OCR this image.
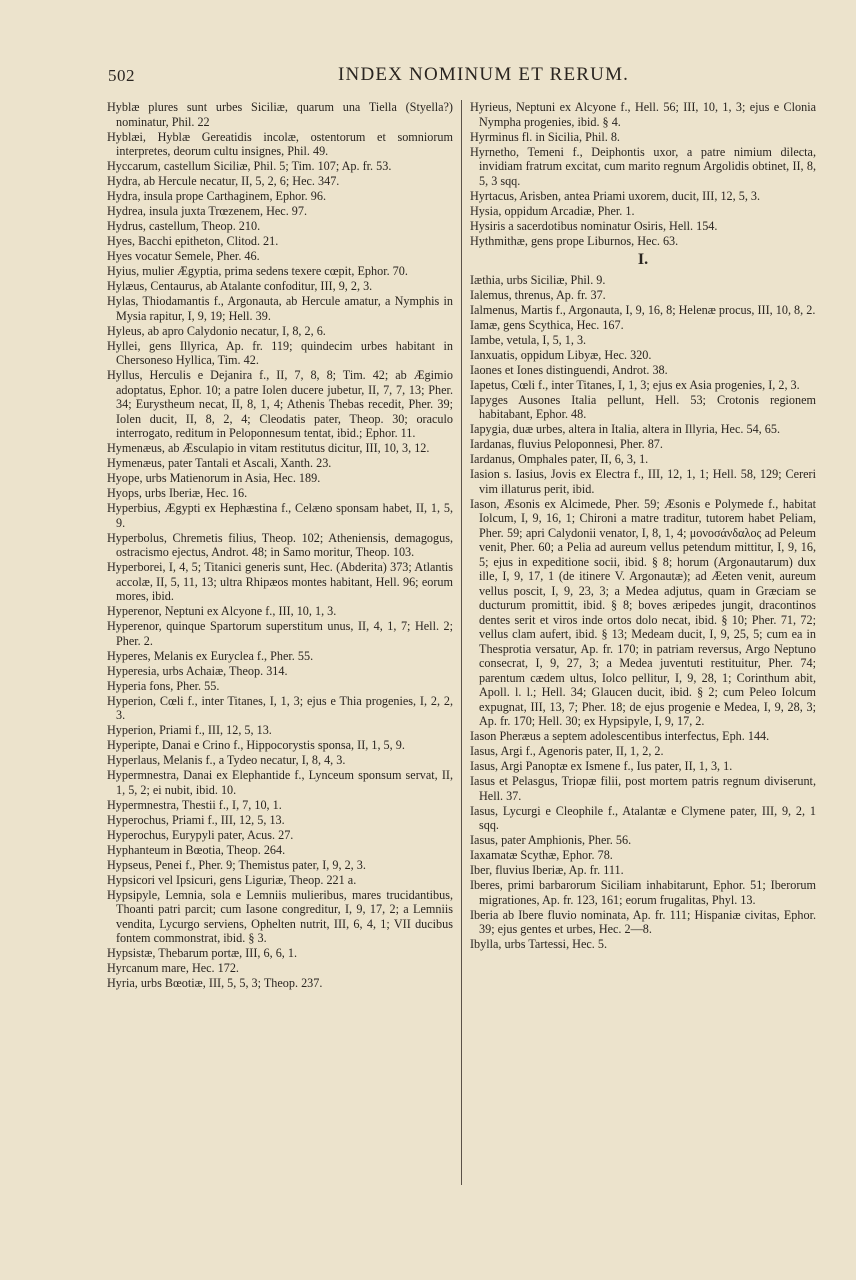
502	INDEX NOMINUM ET RERUM.

Hyblæ plures sunt urbes Siciliæ, quarum una Tiella (Styella?) nominatur, Phil. 22

Hyblæi, Hyblæ Gereatidis incolæ, ostentorum et somniorum interpretes, deorum cultu insignes, Phil. 49.

Hyccarum, castellum Siciliæ, Phil. 5; Tim. 107; Ap. fr. 53.

Hydra, ab Hercule necatur, II, 5, 2, 6; Hec. 347.

Hydra, insula prope Carthaginem, Ephor. 96.

Hydrea, insula juxta Trœzenem, Hec. 97.

Hydrus, castellum, Theop. 210.

Hyes, Bacchi epitheton, Clitod. 21.

Hyes vocatur Semele, Pher. 46.

Hyius, mulier Ægyptia, prima sedens texere cœpit, Ephor. 70.

Hylæus, Centaurus, ab Atalante confoditur, III, 9, 2, 3.

Hylas, Thiodamantis f., Argonauta, ab Hercule amatur, a Nymphis in Mysia rapitur, I, 9, 19; Hell. 39.

Hyleus, ab apro Calydonio necatur, I, 8, 2, 6.

Hyllei, gens Illyrica, Ap. fr. 119; quindecim urbes habitant in Chersoneso Hyllica, Tim. 42.

Hyllus, Herculis e Dejanira f., II, 7, 8, 8; Tim. 42; ab Ægimio adoptatus, Ephor. 10; a patre Iolen ducere jubetur, II, 7, 7, 13; Pher. 34; Eurystheum necat, II, 8, 1, 4; Athenis Thebas recedit, Pher. 39; Iolen ducit, II, 8, 2, 4; Cleodatis pater, Theop. 30; oraculo interrogato, reditum in Peloponnesum tentat, ibid.; Ephor. 11.

Hymenæus, ab Æsculapio in vitam restitutus dicitur, III, 10, 3, 12.

Hymenæus, pater Tantali et Ascali, Xanth. 23.

Hyope, urbs Matienorum in Asia, Hec. 189.

Hyops, urbs Iberiæ, Hec. 16.

Hyperbius, Ægypti ex Hephæstina f., Celæno sponsam habet, II, 1, 5, 9.

Hyperbolus, Chremetis filius, Theop. 102; Atheniensis, demagogus, ostracismo ejectus, Androt. 48; in Samo moritur, Theop. 103.

Hyperborei, I, 4, 5; Titanici generis sunt, Hec. (Abderita) 373; Atlantis accolæ, II, 5, 11, 13; ultra Rhipæos montes habitant, Hell. 96; eorum mores, ibid.

Hyperenor, Neptuni ex Alcyone f., III, 10, 1, 3.

Hyperenor, quinque Spartorum superstitum unus, II, 4, 1, 7; Hell. 2; Pher. 2.

Hyperes, Melanis ex Euryclea f., Pher. 55.

Hyperesia, urbs Achaiæ, Theop. 314.

Hyperia fons, Pher. 55.

Hyperion, Cœli f., inter Titanes, I, 1, 3; ejus e Thia progenies, I, 2, 2, 3.

Hyperion, Priami f., III, 12, 5, 13.

Hyperipte, Danai e Crino f., Hippocorystis sponsa, II, 1, 5, 9.

Hyperlaus, Melanis f., a Tydeo necatur, I, 8, 4, 3.

Hypermnestra, Danai ex Elephantide f., Lynceum sponsum servat, II, 1, 5, 2; ei nubit, ibid. 10.

Hypermnestra, Thestii f., I, 7, 10, 1.

Hyperochus, Priami f., III, 12, 5, 13.

Hyperochus, Eurypyli pater, Acus. 27.

Hyphanteum in Bœotia, Theop. 264.

Hypseus, Penei f., Pher. 9; Themistus pater, I, 9, 2, 3.

Hypsicori vel Ipsicuri, gens Liguriæ, Theop. 221 a.

Hypsipyle, Lemnia, sola e Lemniis mulieribus, mares trucidantibus, Thoanti patri parcit; cum Iasone congreditur, I, 9, 17, 2; a Lemniis vendita, Lycurgo serviens, Ophelten nutrit, III, 6, 4, 1; VII ducibus fontem commonstrat, ibid. § 3.

Hypsistæ, Thebarum portæ, III, 6, 6, 1.

Hyrcanum mare, Hec. 172.

Hyria, urbs Bœotiæ, III, 5, 5, 3; Theop. 237.

Hyrieus, Neptuni ex Alcyone f., Hell. 56; III, 10, 1, 3; ejus e Clonia Nympha progenies, ibid. § 4.

Hyrminus fl. in Sicilia, Phil. 8.

Hyrnetho, Temeni f., Deiphontis uxor, a patre nimium dilecta, invidiam fratrum excitat, cum marito regnum Argolidis obtinet, II, 8, 5, 3 sqq.

Hyrtacus, Arisben, antea Priami uxorem, ducit, III, 12, 5, 3.

Hysia, oppidum Arcadiæ, Pher. 1.

Hysiris a sacerdotibus nominatur Osiris, Hell. 154.

Hythmithæ, gens prope Liburnos, Hec. 63.

I.

Iæthia, urbs Siciliæ, Phil. 9.

Ialemus, threnus, Ap. fr. 37.

Ialmenus, Martis f., Argonauta, I, 9, 16, 8; Helenæ procus, III, 10, 8, 2.

Iamæ, gens Scythica, Hec. 167.

Iambe, vetula, I, 5, 1, 3.

Ianxuatis, oppidum Libyæ, Hec. 320.

Iaones et Iones distinguendi, Androt. 38.

Iapetus, Cœli f., inter Titanes, I, 1, 3; ejus ex Asia progenies, I, 2, 3.

Iapyges Ausones Italia pellunt, Hell. 53; Crotonis regionem habitabant, Ephor. 48.

Iapygia, duæ urbes, altera in Italia, altera in Illyria, Hec. 54, 65.

Iardanas, fluvius Peloponnesi, Pher. 87.

Iardanus, Omphales pater, II, 6, 3, 1.

Iasion s. Iasius, Jovis ex Electra f., III, 12, 1, 1; Hell. 58, 129; Cereri vim illaturus perit, ibid.

Iason, Æsonis ex Alcimede, Pher. 59; Æsonis e Polymede f., habitat Iolcum, I, 9, 16, 1; Chironi a matre traditur, tutorem habet Peliam, Pher. 59; apri Calydonii venator, I, 8, 1, 4; μονοσάνδαλος ad Peleum venit, Pher. 60; a Pelia ad aureum vellus petendum mittitur, I, 9, 16, 5; ejus in expeditione socii, ibid. § 8; horum (Argonautarum) dux ille, I, 9, 17, 1 (de itinere V. Argonautæ); ad Æeten venit, aureum vellus poscit, I, 9, 23, 3; a Medea adjutus, quam in Græciam se ducturum promittit, ibid. § 8; boves æripedes jungit, dracontinos dentes serit et viros inde ortos dolo necat, ibid. § 10; Pher. 71, 72; vellus clam aufert, ibid. § 13; Medeam ducit, I, 9, 25, 5; cum ea in Thesprotia versatur, Ap. fr. 170; in patriam reversus, Argo Neptuno consecrat, I, 9, 27, 3; a Medea juventuti restituitur, Pher. 74; parentum cædem ultus, Iolco pellitur, I, 9, 28, 1; Corinthum abit, Apoll. l. l.; Hell. 34; Glaucen ducit, ibid. § 2; cum Peleo Iolcum expugnat, III, 13, 7; Pher. 18; de ejus progenie e Medea, I, 9, 28, 3; Ap. fr. 170; Hell. 30; ex Hypsipyle, I, 9, 17, 2.

Iason Pheræus a septem adolescentibus interfectus, Eph. 144.

Iasus, Argi f., Agenoris pater, II, 1, 2, 2.

Iasus, Argi Panoptæ ex Ismene f., Ius pater, II, 1, 3, 1.

Iasus et Pelasgus, Triopæ filii, post mortem patris regnum diviserunt, Hell. 37.

Iasus, Lycurgi e Cleophile f., Atalantæ e Clymene pater, III, 9, 2, 1 sqq.

Iasus, pater Amphionis, Pher. 56.

Iaxamatæ Scythæ, Ephor. 78.

Iber, fluvius Iberiæ, Ap. fr. 111.

Iberes, primi barbarorum Siciliam inhabitarunt, Ephor. 51; Iberorum migrationes, Ap. fr. 123, 161; eorum frugalitas, Phyl. 13.

Iberia ab Ibere fluvio nominata, Ap. fr. 111; Hispaniæ civitas, Ephor. 39; ejus gentes et urbes, Hec. 2—8.

Ibylla, urbs Tartessi, Hec. 5.
